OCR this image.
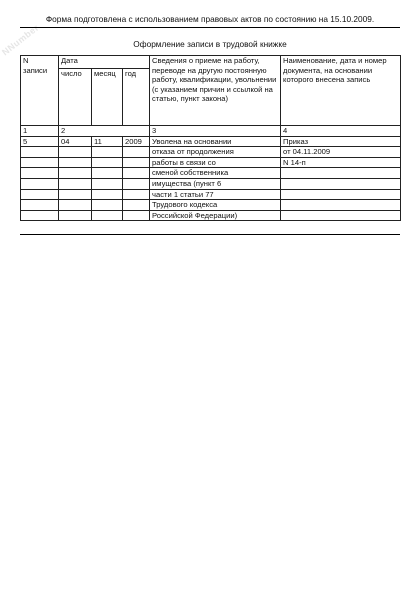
NNumber
Форма подготовлена с использованием правовых актов по состоянию на 15.10.2009.
Оформление записи в трудовой книжке
N
записи	Дата			Сведения о приеме на работу, переводе на другую постоянную работу, квалификации, увольнении (с указанием причин и ссылкой на статью, пункт закона)	Наименование, дата и номер документа, на основании которого внесена запись

	число	месяц	год		
1	2			3	4
5	04	11	2009	Уволена на основании	Приказ
				отказа от продолжения	от 04.11.2009
				работы в связи со	N 14-п
				сменой собственника	
				имущества (пункт 6	
				части 1 статьи 77	
				Трудового кодекса	
				Российской Федерации)	
